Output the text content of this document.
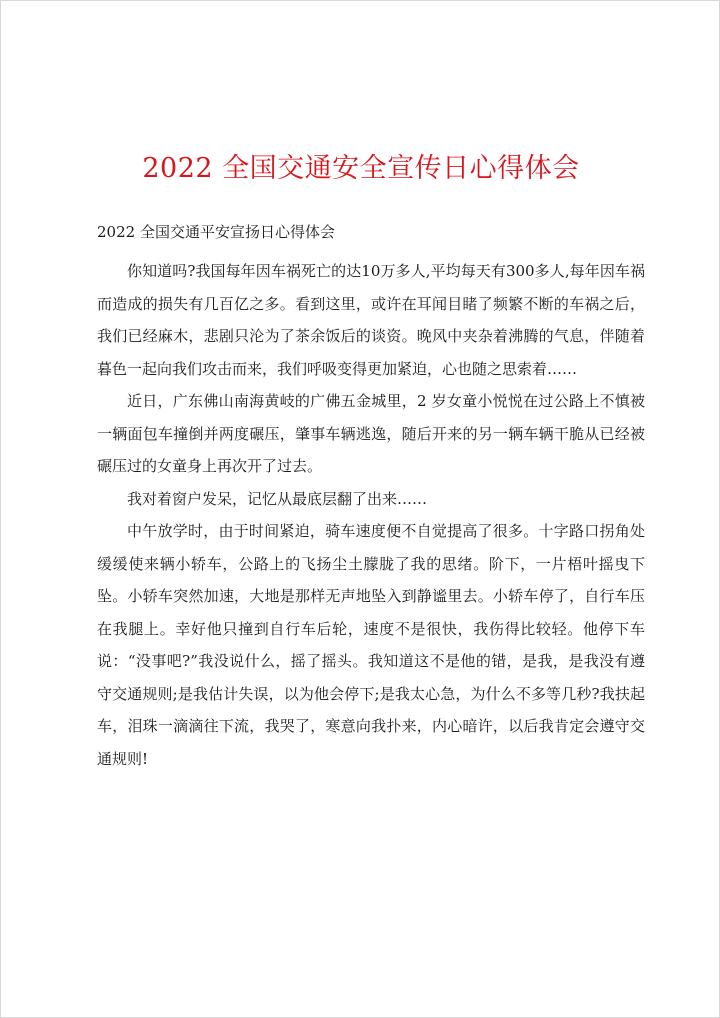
2022 全国交通安全宣传日心得体会
2022 全国交通平安宣扬日心得体会

你知道吗?我国每年因车祸死亡的达10万多人,平均每天有300多人,每年因车祸而造成的损失有几百亿之多。看到这里，或许在耳闻目睹了频繁不断的车祸之后，我们已经麻木，悲剧只沦为了茶余饭后的谈资。晚风中夹杂着沸腾的气息，伴随着暮色一起向我们攻击而来，我们呼吸变得更加紧迫，心也随之思索着……

近日，广东佛山南海黄岐的广佛五金城里，2 岁女童小悦悦在过公路上不慎被一辆面包车撞倒并两度碾压，肇事车辆逃逸，随后开来的另一辆车辆干脆从已经被碾压过的女童身上再次开了过去。

我对着窗户发呆，记忆从最底层翻了出来……

中午放学时，由于时间紧迫，骑车速度便不自觉提高了很多。十字路口拐角处缓缓使来辆小轿车，公路上的飞扬尘土朦胧了我的思绪。阶下，一片梧叶摇曳下坠。小轿车突然加速，大地是那样无声地坠入到静谧里去。小轿车停了，自行车压在我腿上。幸好他只撞到自行车后轮，速度不是很快，我伤得比较轻。他停下车说：“没事吧?”我没说什么，摇了摇头。我知道这不是他的错，是我，是我没有遵守交通规则;是我估计失误，以为他会停下;是我太心急，为什么不多等几秒?我扶起车，泪珠一滴滴往下流，我哭了，寒意向我扑来，内心暗许，以后我肯定会遵守交通规则!
